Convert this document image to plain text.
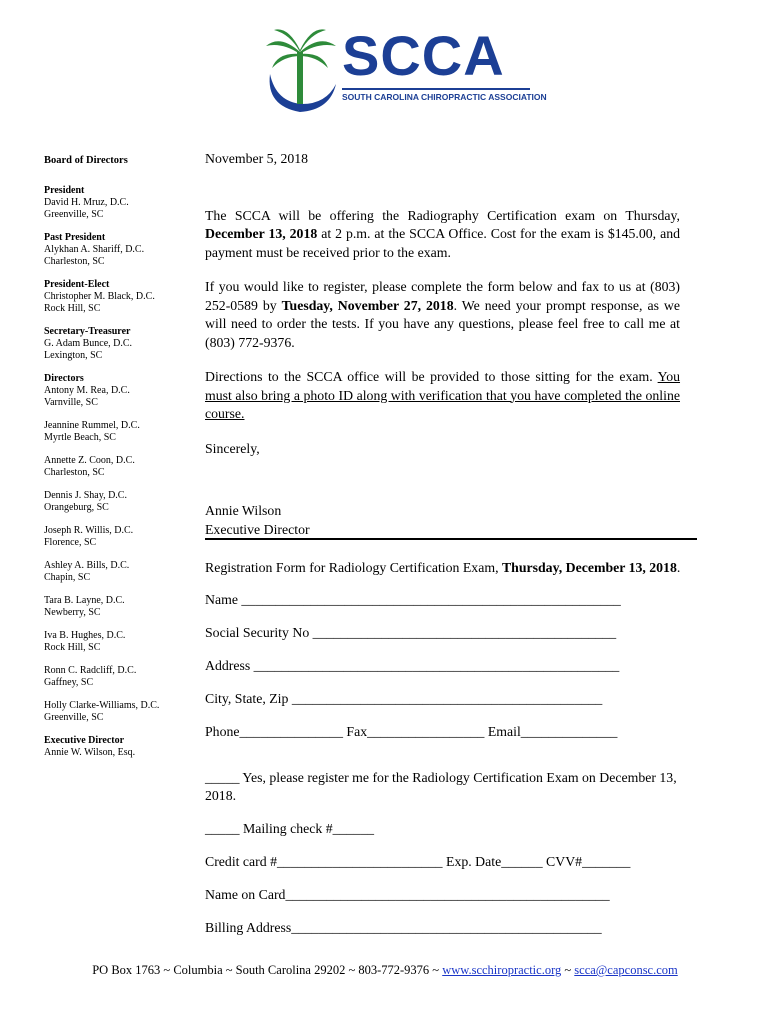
SCCA
SOUTH CAROLINA CHIROPRACTIC ASSOCIATION
Board of Directors
President
David H. Mruz, D.C.
Greenville, SC
Past President
Alykhan A. Shariff, D.C.
Charleston, SC
President-Elect
Christopher M. Black, D.C.
Rock Hill, SC
Secretary-Treasurer
G. Adam Bunce, D.C.
Lexington, SC
Directors
Antony M. Rea, D.C.
Varnville, SC
Jeannine Rummel, D.C.
Myrtle Beach, SC
Annette Z. Coon, D.C.
Charleston, SC
Dennis J. Shay, D.C.
Orangeburg, SC
Joseph R. Willis, D.C.
Florence, SC
Ashley A. Bills, D.C.
Chapin, SC
Tara B. Layne, D.C.
Newberry, SC
Iva B. Hughes, D.C.
Rock Hill, SC
Ronn C. Radcliff, D.C.
Gaffney, SC
Holly Clarke-Williams, D.C.
Greenville, SC
Executive Director
Annie W. Wilson, Esq.
November 5, 2018

The SCCA will be offering the Radiography Certification exam on Thursday, December 13, 2018 at 2 p.m. at the SCCA Office. Cost for the exam is $145.00, and payment must be received prior to the exam.

If you would like to register, please complete the form below and fax to us at (803) 252-0589 by Tuesday, November 27, 2018. We need your prompt response, as we will need to order the tests. If you have any questions, please feel free to call me at (803) 772-9376.

Directions to the SCCA office will be provided to those sitting for the exam. You must also bring a photo ID along with verification that you have completed the online course.

Sincerely,
Annie Wilson
Executive Director
Registration Form for Radiology Certification Exam, Thursday, December 13, 2018.
Name _______________________________________________________
Social Security No ____________________________________________
Address _____________________________________________________
City, State, Zip _____________________________________________
Phone_______________ Fax_________________ Email______________
_____ Yes, please register me for the Radiology Certification Exam on December 13, 2018.
_____ Mailing check #______
Credit card #________________________ Exp. Date______ CVV#_______
Name on Card_______________________________________________
Billing Address_____________________________________________
PO Box 1763 ~ Columbia ~ South Carolina 29202 ~ 803-772-9376 ~ www.scchiropractic.org ~ scca@capconsc.com
